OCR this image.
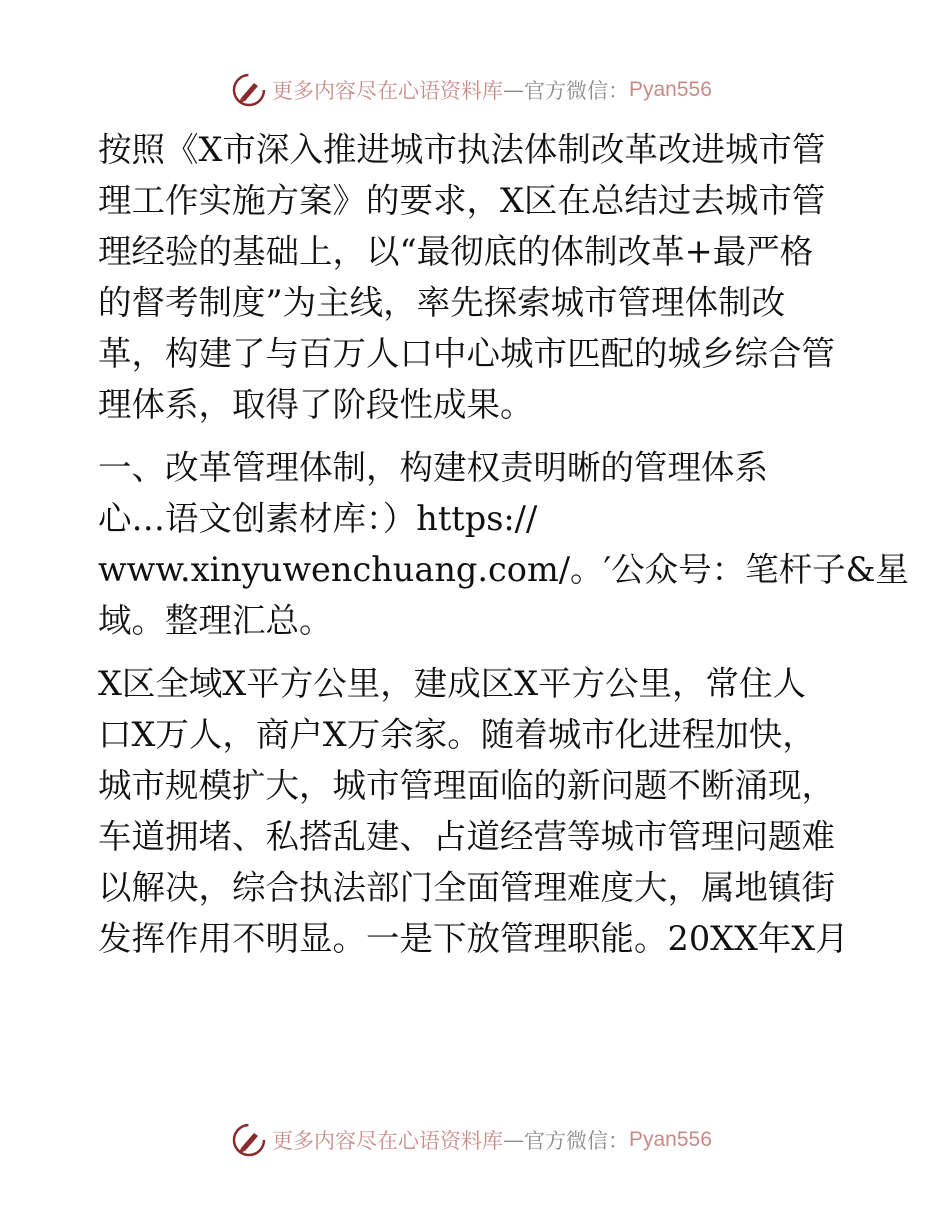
更多内容尽在心语资料库 — 官方微信： Pyan556
按照《X市深入推进城市执法体制改革改进城市管
理工作实施方案》的要求，X区在总结过去城市管
理经验的基础上，以“最彻底的体制改革+最严格
的督考制度”为主线，率先探索城市管理体制改
革，构建了与百万人口中心城市匹配的城乡综合管
理体系，取得了阶段性成果。
一、改革管理体制，构建权责明晰的管理体系
心…语文创素材库：）https://
www.xinyuwenchuang.com/。′公众号：笔杆子&星
域。整理汇总。
X区全域X平方公里，建成区X平方公里，常住人
口X万人，商户X万余家。随着城市化进程加快，
城市规模扩大，城市管理面临的新问题不断涌现，
车道拥堵、私搭乱建、占道经营等城市管理问题难
以解决，综合执法部门全面管理难度大，属地镇街
发挥作用不明显。一是下放管理职能。20XX年X月
更多内容尽在心语资料库 — 官方微信： Pyan556
